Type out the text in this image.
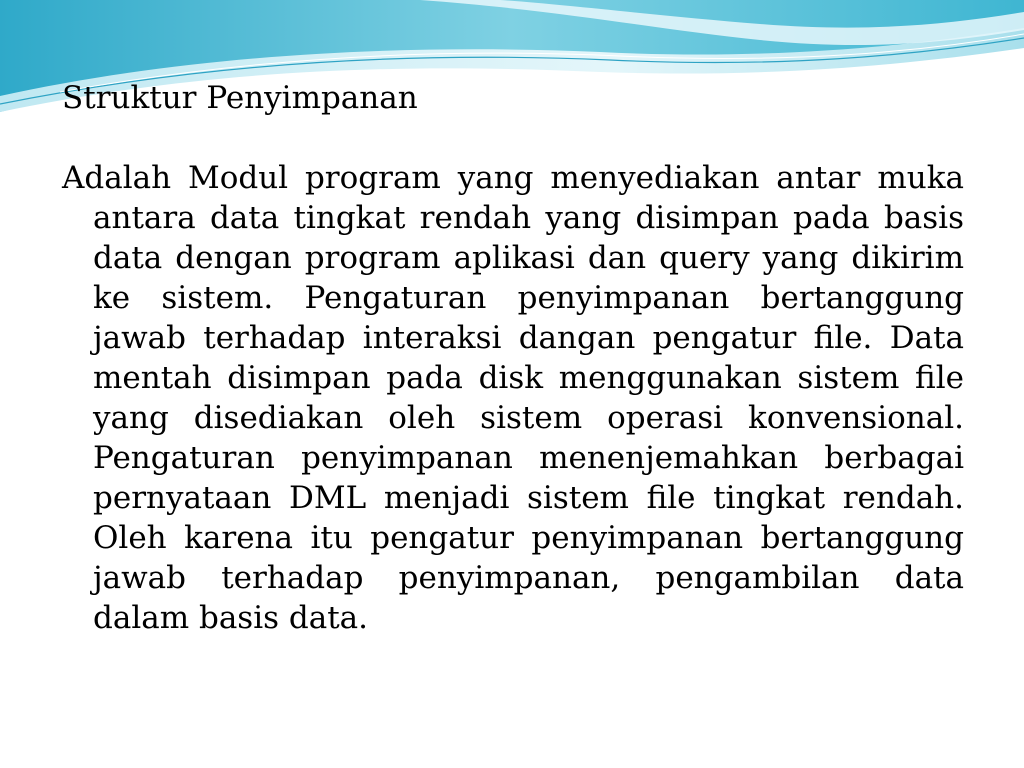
Struktur Penyimpanan

Adalah Modul program yang menyediakan antar muka antara data tingkat rendah yang disimpan pada basis data dengan program aplikasi dan query yang dikirim ke sistem. Pengaturan penyimpanan bertanggung jawab terhadap interaksi dangan pengatur file. Data mentah disimpan pada disk menggunakan sistem file yang disediakan oleh sistem operasi konvensional. Pengaturan penyimpanan menenjemahkan berbagai pernyataan DML menjadi sistem file tingkat rendah. Oleh karena itu pengatur penyimpanan bertanggung jawab terhadap penyimpanan, pengambilan data dalam basis data.
